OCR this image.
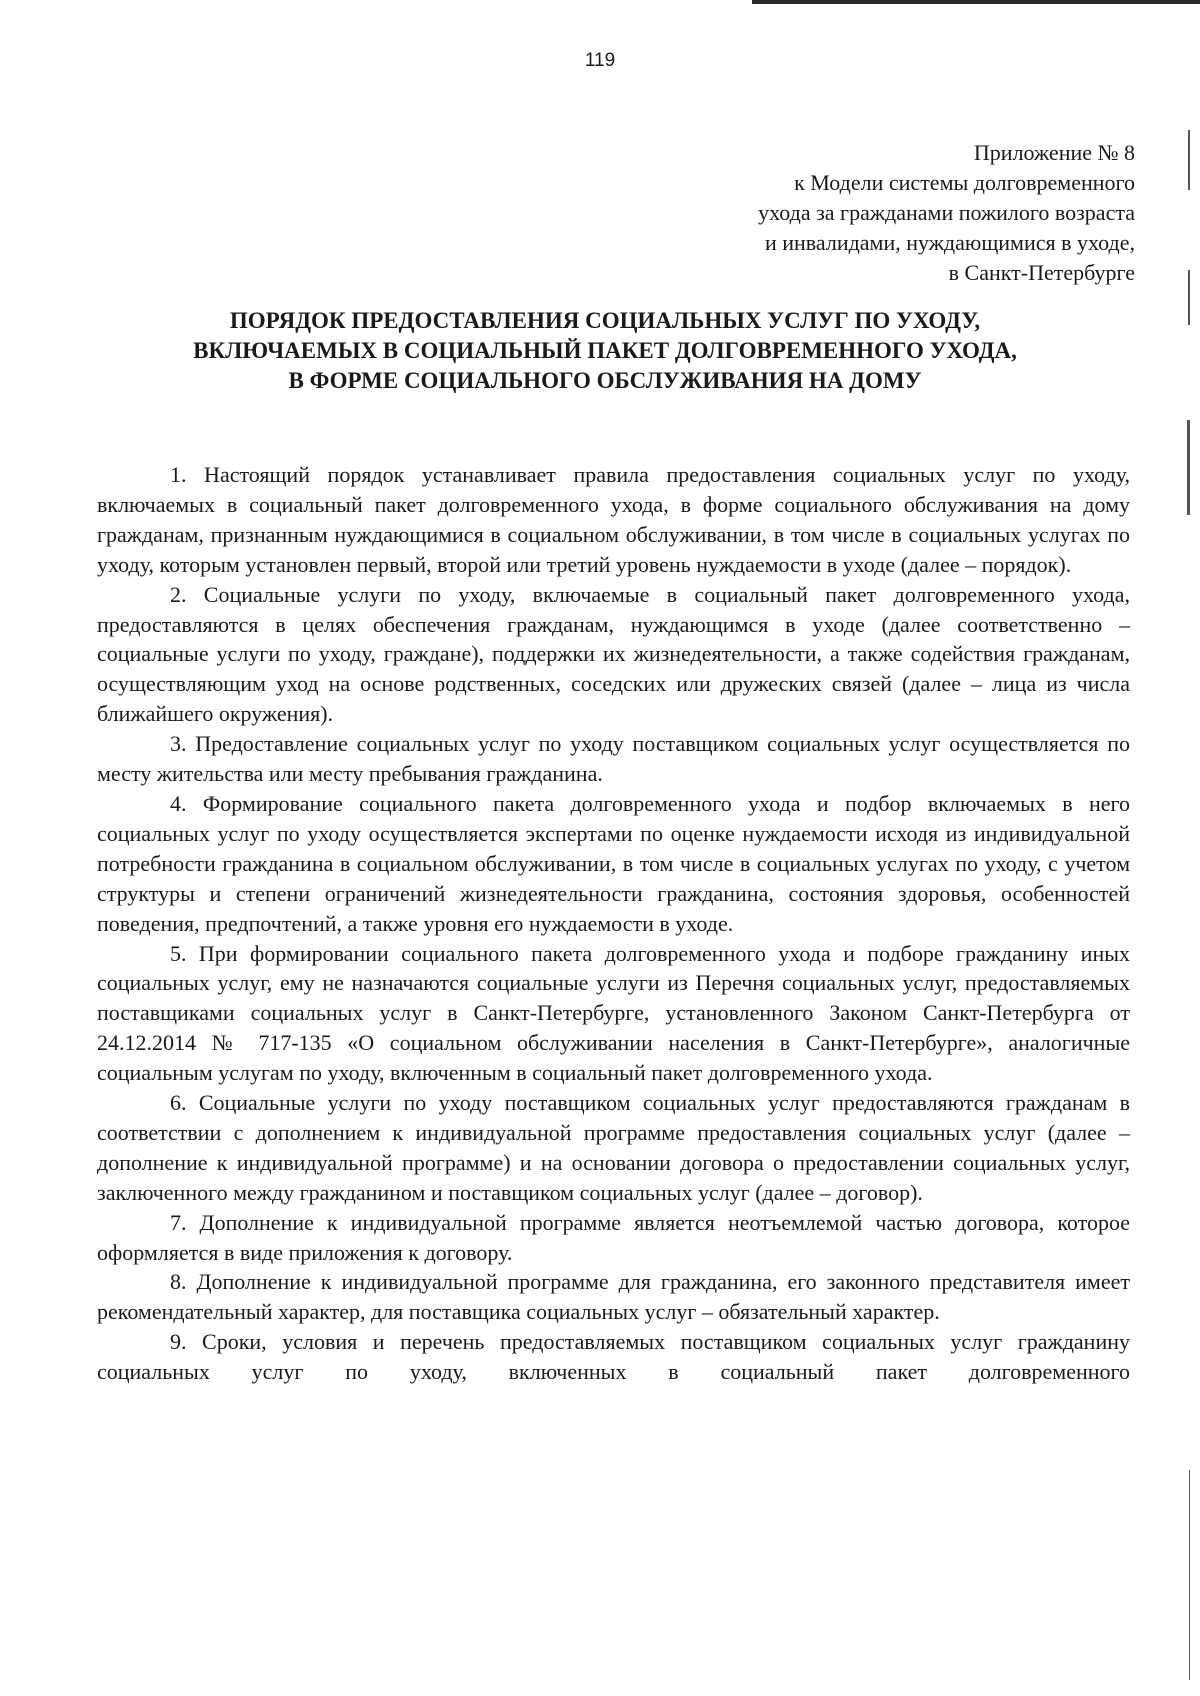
119
Приложение № 8
к Модели системы долговременного
ухода за гражданами пожилого возраста
и инвалидами, нуждающимися в уходе,
в Санкт-Петербурге
ПОРЯДОК ПРЕДОСТАВЛЕНИЯ СОЦИАЛЬНЫХ УСЛУГ ПО УХОДУ,
ВКЛЮЧАЕМЫХ В СОЦИАЛЬНЫЙ ПАКЕТ ДОЛГОВРЕМЕННОГО УХОДА,
В ФОРМЕ СОЦИАЛЬНОГО ОБСЛУЖИВАНИЯ НА ДОМУ

1. Настоящий порядок устанавливает правила предоставления социальных услуг по уходу, включаемых в социальный пакет долговременного ухода, в форме социального обслуживания на дому гражданам, признанным нуждающимися в социальном обслуживании, в том числе в социальных услугах по уходу, которым установлен первый, второй или третий уровень нуждаемости в уходе (далее – порядок).

2. Социальные услуги по уходу, включаемые в социальный пакет долговременного ухода, предоставляются в целях обеспечения гражданам, нуждающимся в уходе (далее соответственно – социальные услуги по уходу, граждане), поддержки их жизнедеятельности, а также содействия гражданам, осуществляющим уход на основе родственных, соседских или дружеских связей (далее – лица из числа ближайшего окружения).

3. Предоставление социальных услуг по уходу поставщиком социальных услуг осуществляется по месту жительства или месту пребывания гражданина.

4. Формирование социального пакета долговременного ухода и подбор включаемых в него социальных услуг по уходу осуществляется экспертами по оценке нуждаемости исходя из индивидуальной потребности гражданина в социальном обслуживании, в том числе в социальных услугах по уходу, с учетом структуры и степени ограничений жизнедеятельности гражданина, состояния здоровья, особенностей поведения, предпочтений, а также уровня его нуждаемости в уходе.

5. При формировании социального пакета долговременного ухода и подборе гражданину иных социальных услуг, ему не назначаются социальные услуги из Перечня социальных услуг, предоставляемых поставщиками социальных услуг в Санкт-Петербурге, установленного Законом Санкт-Петербурга от 24.12.2014 № 717-135 «О социальном обслуживании населения в Санкт-Петербурге», аналогичные социальным услугам по уходу, включенным в социальный пакет долговременного ухода.

6. Социальные услуги по уходу поставщиком социальных услуг предоставляются гражданам в соответствии с дополнением к индивидуальной программе предоставления социальных услуг (далее – дополнение к индивидуальной программе) и на основании договора о предоставлении социальных услуг, заключенного между гражданином и поставщиком социальных услуг (далее – договор).

7. Дополнение к индивидуальной программе является неотъемлемой частью договора, которое оформляется в виде приложения к договору.

8. Дополнение к индивидуальной программе для гражданина, его законного представителя имеет рекомендательный характер, для поставщика социальных услуг – обязательный характер.

9. Сроки, условия и перечень предоставляемых поставщиком социальных услуг гражданину социальных услуг по уходу, включенных в социальный пакет долговременного
